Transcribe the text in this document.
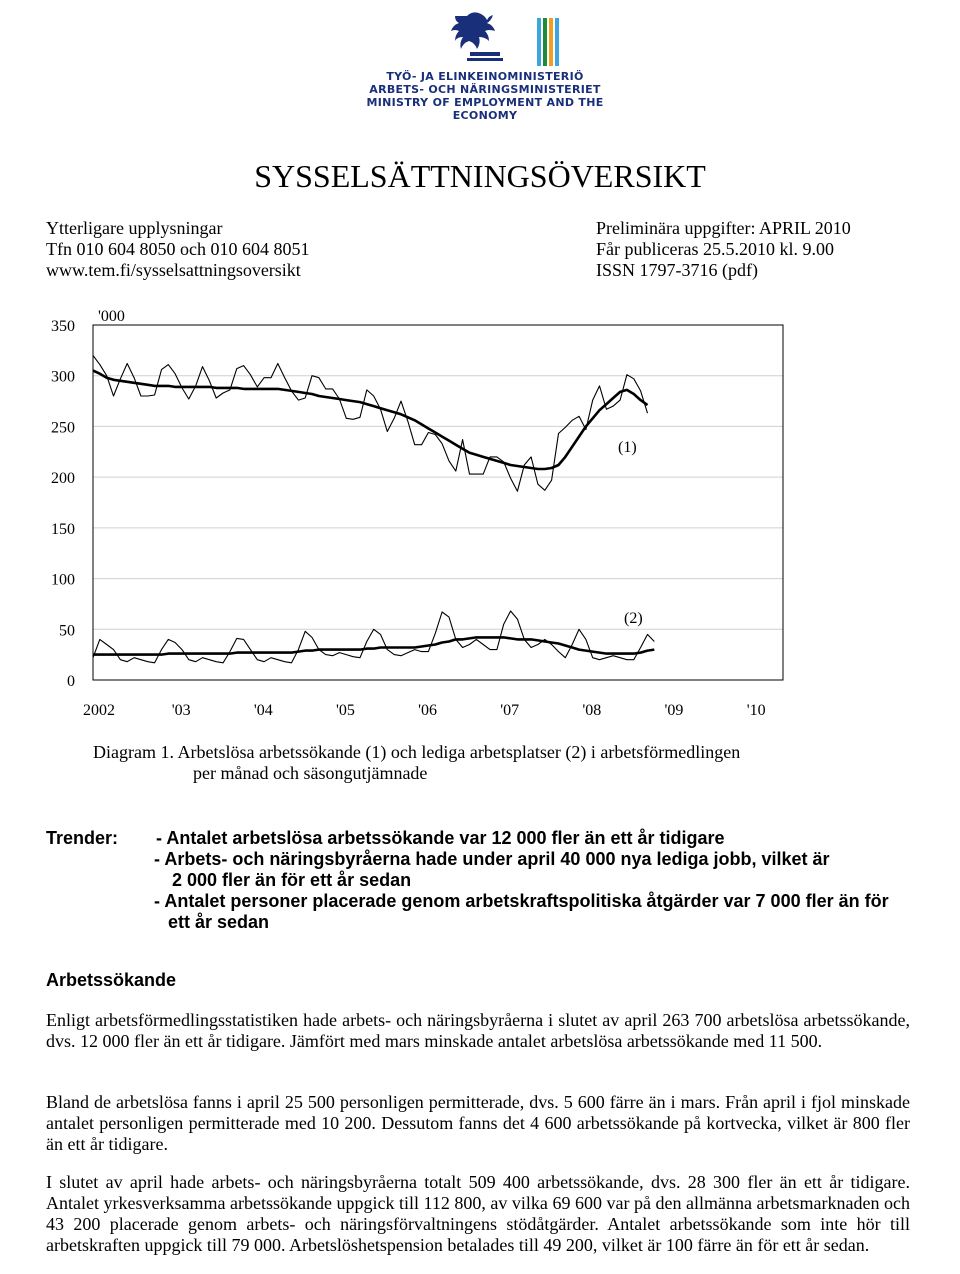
TYÖ- JA ELINKEINOMINISTERIÖ
ARBETS- OCH NÄRINGSMINISTERIET
MINISTRY OF EMPLOYMENT AND THE ECONOMY
SYSSELSÄTTNINGSÖVERSIKT
Ytterligare upplysningar
Tfn 010 604 8050 och 010 604 8051
www.tem.fi/sysselsattningsoversikt
Preliminära uppgifter: APRIL 2010
Får publiceras 25.5.2010 kl. 9.00
ISSN 1797-3716 (pdf)
350
300
250
200
150
100
50
0
'000
2002	'03	'04	'05	'06	'07	'08	'09	'10
(1)
(2)
Diagram 1. Arbetslösa arbetssökande (1) och lediga arbetsplatser (2) i arbetsförmedlingen
per månad och säsongutjämnade
Trender:	- Antalet arbetslösa arbetssökande var 12 000 fler än ett år tidigare
- Arbets- och näringsbyråerna hade under april 40 000 nya lediga jobb, vilket är
2 000 fler än för ett år sedan
- Antalet personer placerade genom arbetskraftspolitiska åtgärder var 7 000 fler än för
ett år sedan
Arbetssökande
Enligt arbetsförmedlingsstatistiken hade arbets- och näringsbyråerna i slutet av april 263 700 arbetslösa arbetssökande, dvs. 12 000 fler än ett år tidigare. Jämfört med mars minskade antalet arbetslösa arbetssökande med 11 500.
Bland de arbetslösa fanns i april 25 500 personligen permitterade, dvs. 5 600 färre än i mars. Från april i fjol minskade antalet personligen permitterade med 10 200. Dessutom fanns det 4 600 arbetssökande på kortvecka, vilket är 800 fler än ett år tidigare.
I slutet av april hade arbets- och näringsbyråerna totalt 509 400 arbetssökande, dvs. 28 300 fler än ett år tidigare. Antalet yrkesverksamma arbetssökande uppgick till 112 800, av vilka 69 600 var på den allmänna arbetsmarknaden och 43 200 placerade genom arbets- och näringsförvaltningens stödåtgärder. Antalet arbetssökande som inte hör till arbetskraften uppgick till 79 000. Arbetslöshetspension betalades till 49 200, vilket är 100 färre än för ett år sedan.
